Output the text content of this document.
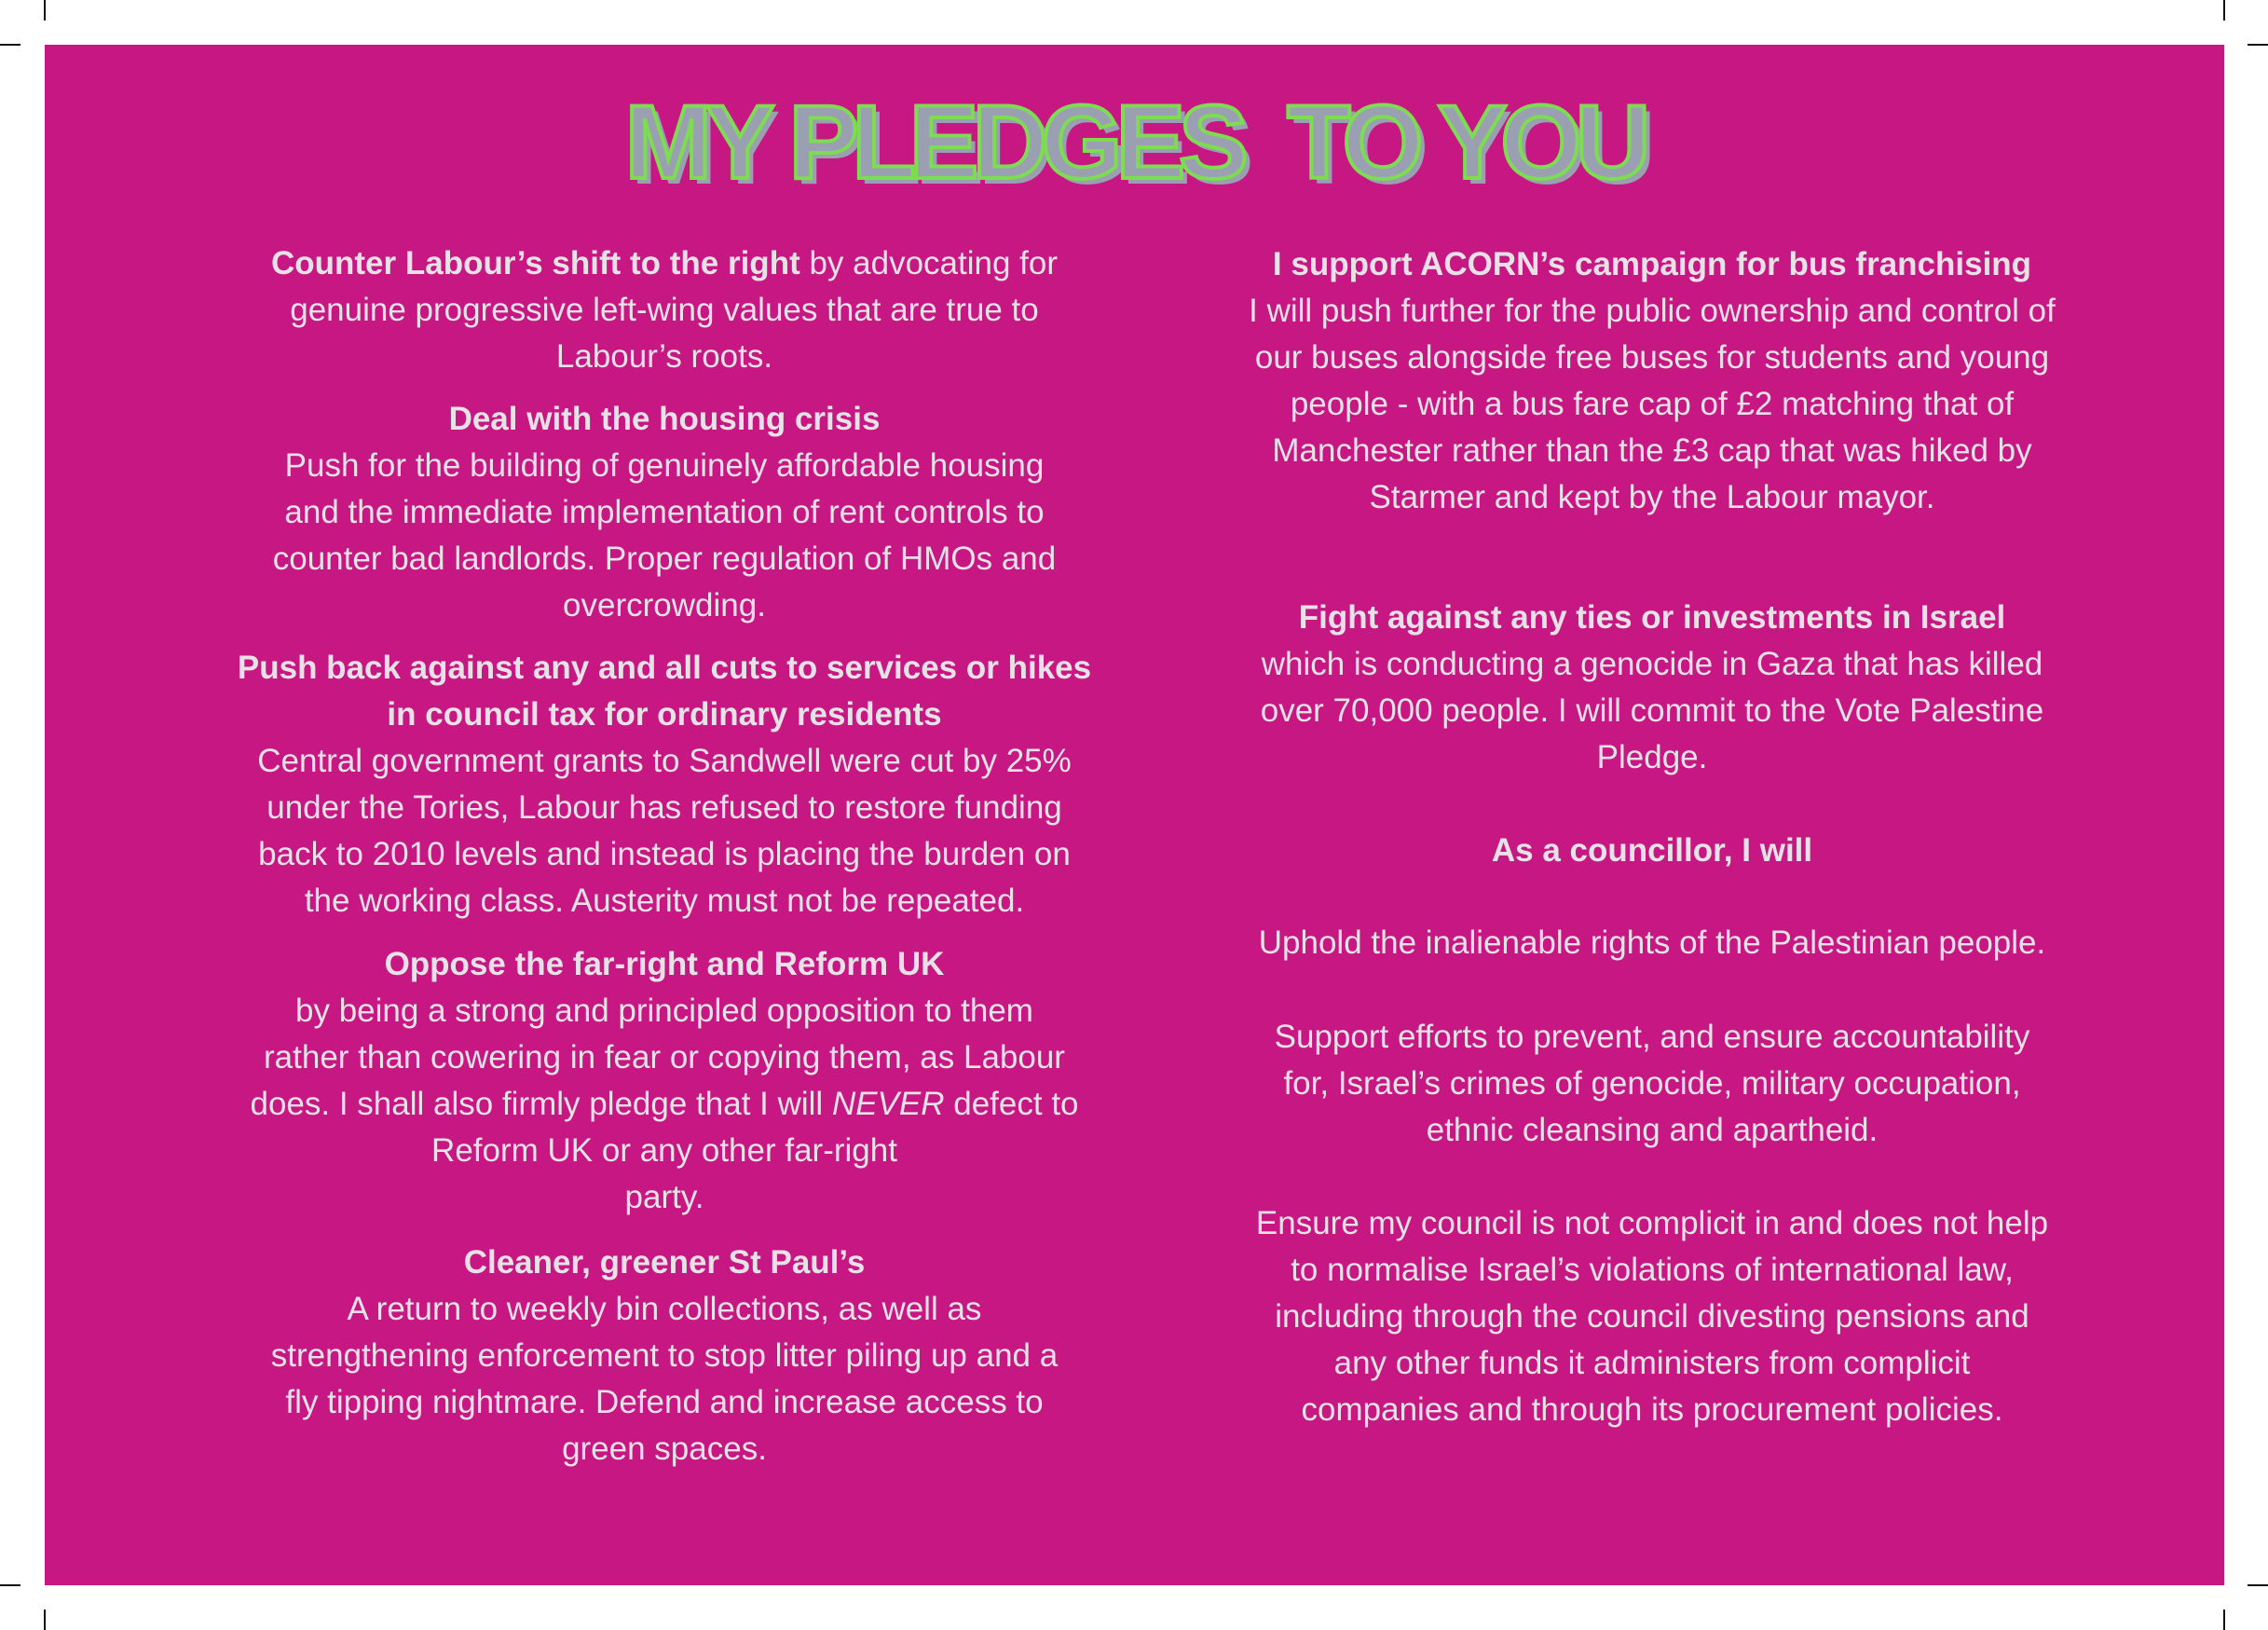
MY PLEDGES  TO YOU
Counter Labour’s shift to the right by advocating for
genuine progressive left-wing values that are true to
Labour’s roots.
Deal with the housing crisis
Push for the building of genuinely affordable housing
and the immediate implementation of rent controls to
counter bad landlords. Proper regulation of HMOs and
overcrowding.
Push back against any and all cuts to services or hikes
in council tax for ordinary residents
Central government grants to Sandwell were cut by 25%
under the Tories, Labour has refused to restore funding
back to 2010 levels and instead is placing the burden on
the working class. Austerity must not be repeated.
Oppose the far-right and Reform UK
by being a strong and principled opposition to them
rather than cowering in fear or copying them, as Labour
does. I shall also firmly pledge that I will NEVER defect to
Reform UK or any other far-right
party.
Cleaner, greener St Paul’s
A return to weekly bin collections, as well as
strengthening enforcement to stop litter piling up and a
fly tipping nightmare. Defend and increase access to
green spaces.
I support ACORN’s campaign for bus franchising
I will push further for the public ownership and control of
our buses alongside free buses for students and young
people - with a bus fare cap of £2 matching that of
Manchester rather than the £3 cap that was hiked by
Starmer and kept by the Labour mayor.
Fight against any ties or investments in Israel
which is conducting a genocide in Gaza that has killed
over 70,000 people. I will commit to the Vote Palestine
Pledge.
As a councillor, I will
Uphold the inalienable rights of the Palestinian people.
Support efforts to prevent, and ensure accountability
for, Israel’s crimes of genocide, military occupation,
ethnic cleansing and apartheid.
Ensure my council is not complicit in and does not help
to normalise Israel’s violations of international law,
including through the council divesting pensions and
any other funds it administers from complicit
companies and through its procurement policies.
